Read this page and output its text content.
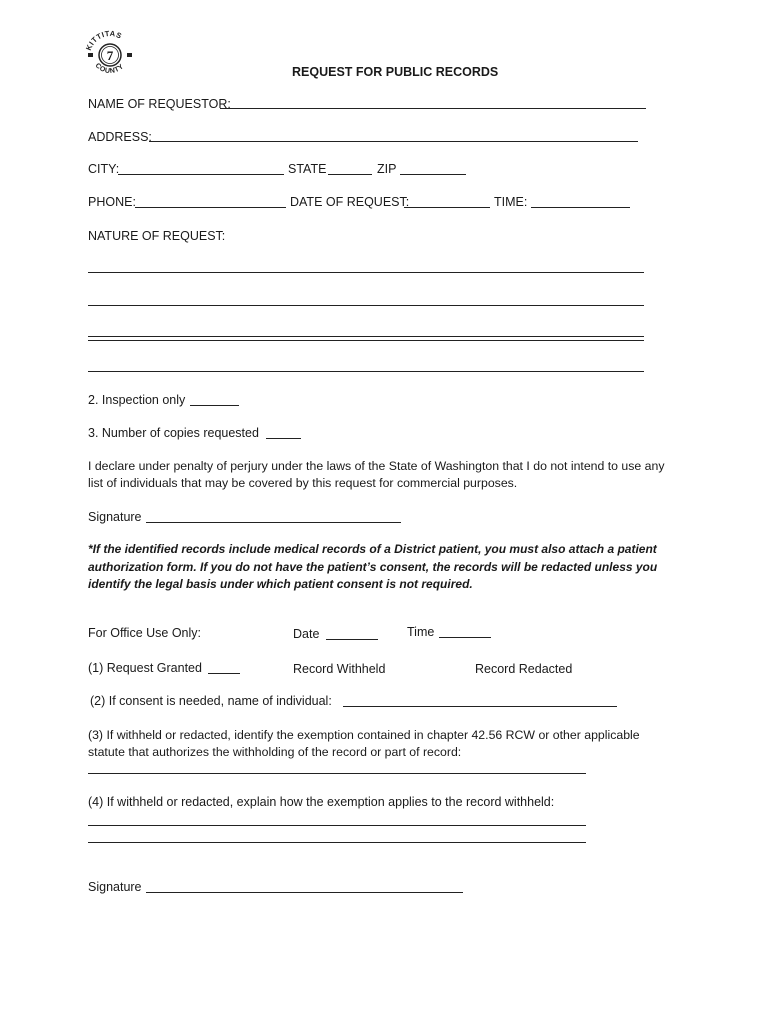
KITTITAS
COUNTY
7
REQUEST FOR PUBLIC RECORDS
NAME OF REQUESTOR:
ADDRESS:
CITY:	STATE	ZIP
PHONE:	DATE OF REQUEST:	TIME:
NATURE OF REQUEST:
2. Inspection only
3. Number of copies requested
I declare under penalty of perjury under the laws of the State of Washington that I do not intend to use any list of individuals that may be covered by this request for commercial purposes.
Signature
*If the identified records include medical records of a District patient, you must also attach a patient authorization form. If you do not have the patient’s consent, the records will be redacted unless you identify the legal basis under which patient consent is not required.
For Office Use Only:	Date	Time
(1) Request Granted	Record Withheld	Record Redacted
(2) If consent is needed, name of individual:
(3) If withheld or redacted, identify the exemption contained in chapter 42.56 RCW or other applicable statute that authorizes the withholding of the record or part of record:
(4) If withheld or redacted, explain how the exemption applies to the record withheld:
Signature
